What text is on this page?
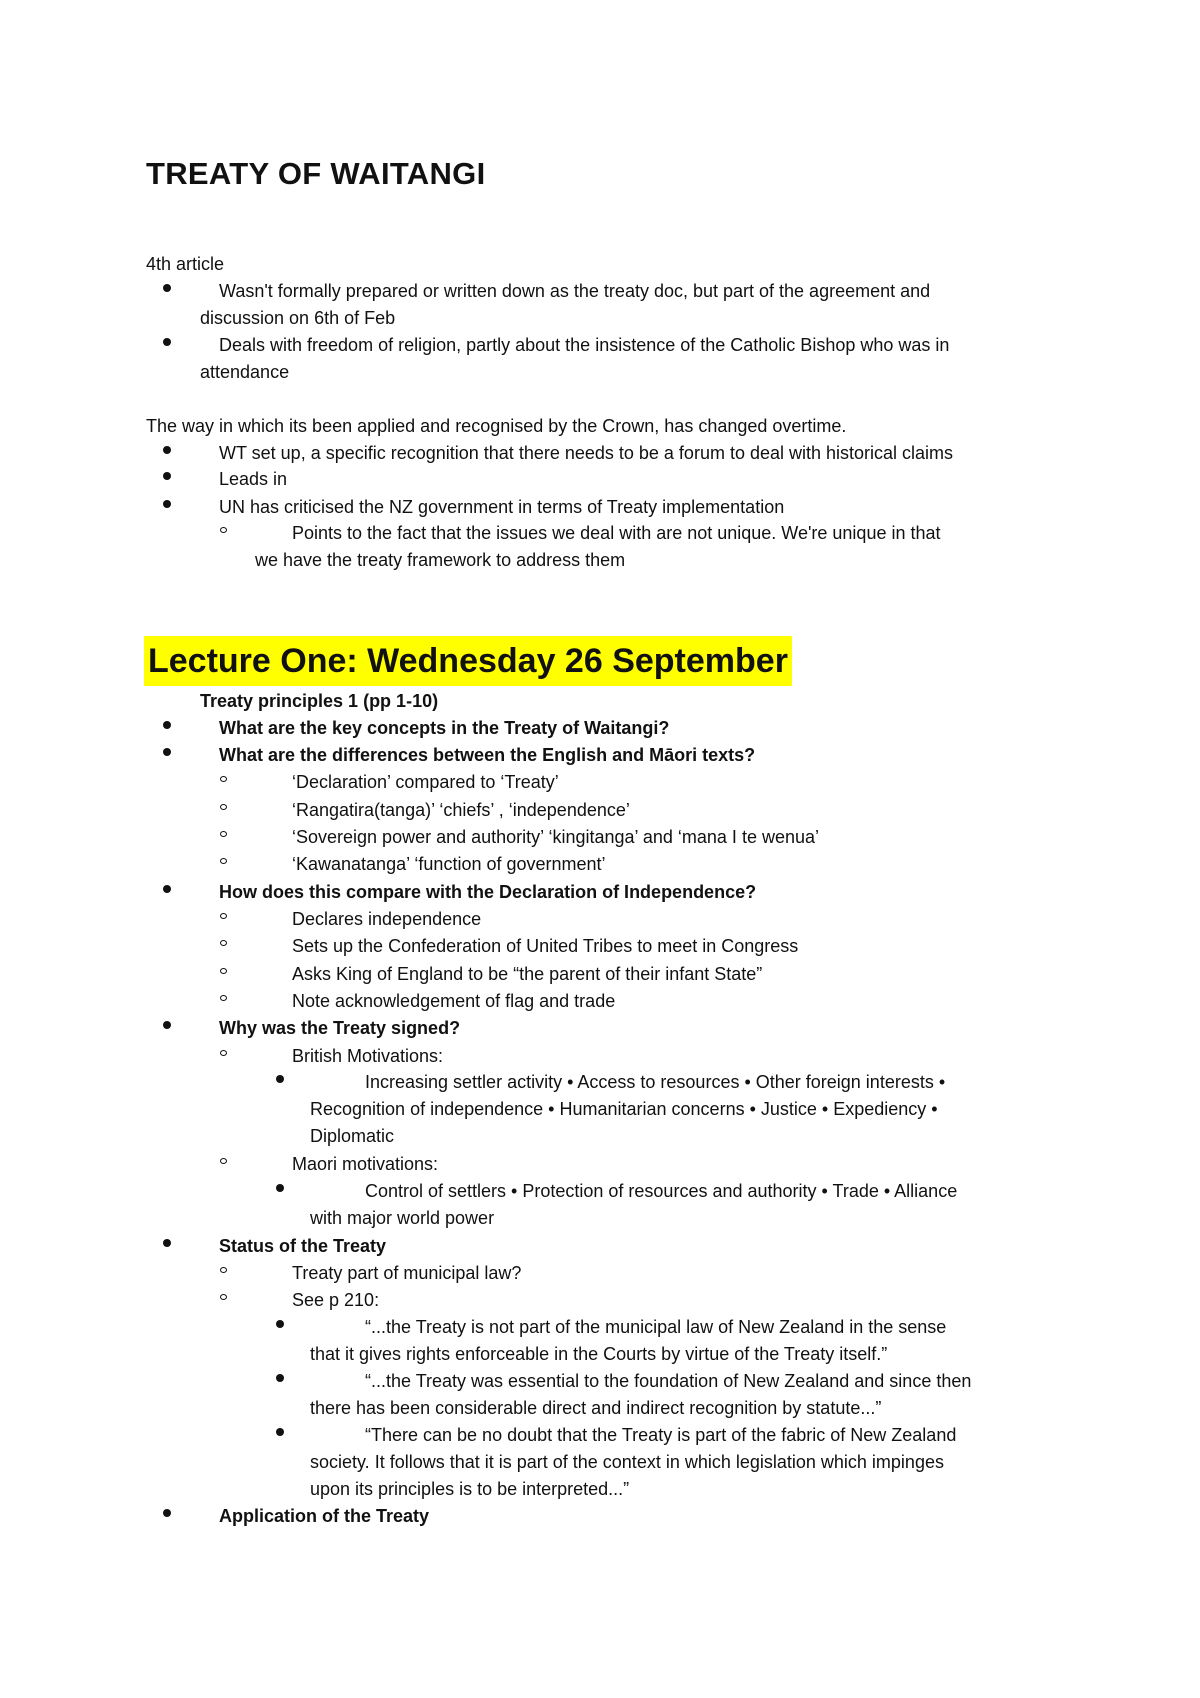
TREATY OF WAITANGI
4th article
Wasn't formally prepared or written down as the treaty doc, but part of the agreement and
discussion on 6th of Feb
Deals with freedom of religion, partly about the insistence of the Catholic Bishop who was in
attendance
The way in which its been applied and recognised by the Crown, has changed overtime.
WT set up, a specific recognition that there needs to be a forum to deal with historical claims
Leads in
UN has criticised the NZ government in terms of Treaty implementation
Points to the fact that the issues we deal with are not unique. We're unique in that
we have the treaty framework to address them
Lecture One: Wednesday 26 September
Treaty principles 1 (pp 1-10)
What are the key concepts in the Treaty of Waitangi?
What are the differences between the English and Māori texts?
‘Declaration’ compared to ‘Treaty’
‘Rangatira(tanga)’ ‘chiefs’ , ‘independence’
‘Sovereign power and authority’ ‘kingitanga’ and ‘mana I te wenua’
‘Kawanatanga’ ‘function of government’
How does this compare with the Declaration of Independence?
Declares independence
Sets up the Confederation of United Tribes to meet in Congress
Asks King of England to be “the parent of their infant State”
Note acknowledgement of flag and trade
Why was the Treaty signed?
British Motivations:
Increasing settler activity • Access to resources • Other foreign interests •
Recognition of independence • Humanitarian concerns • Justice • Expediency •
Diplomatic
Maori motivations:
Control of settlers • Protection of resources and authority • Trade • Alliance
with major world power
Status of the Treaty
Treaty part of municipal law?
See p 210:
“...the Treaty is not part of the municipal law of New Zealand in the sense
that it gives rights enforceable in the Courts by virtue of the Treaty itself.”
“...the Treaty was essential to the foundation of New Zealand and since then
there has been considerable direct and indirect recognition by statute...”
“There can be no doubt that the Treaty is part of the fabric of New Zealand
society. It follows that it is part of the context in which legislation which impinges
upon its principles is to be interpreted...”
Application of the Treaty
